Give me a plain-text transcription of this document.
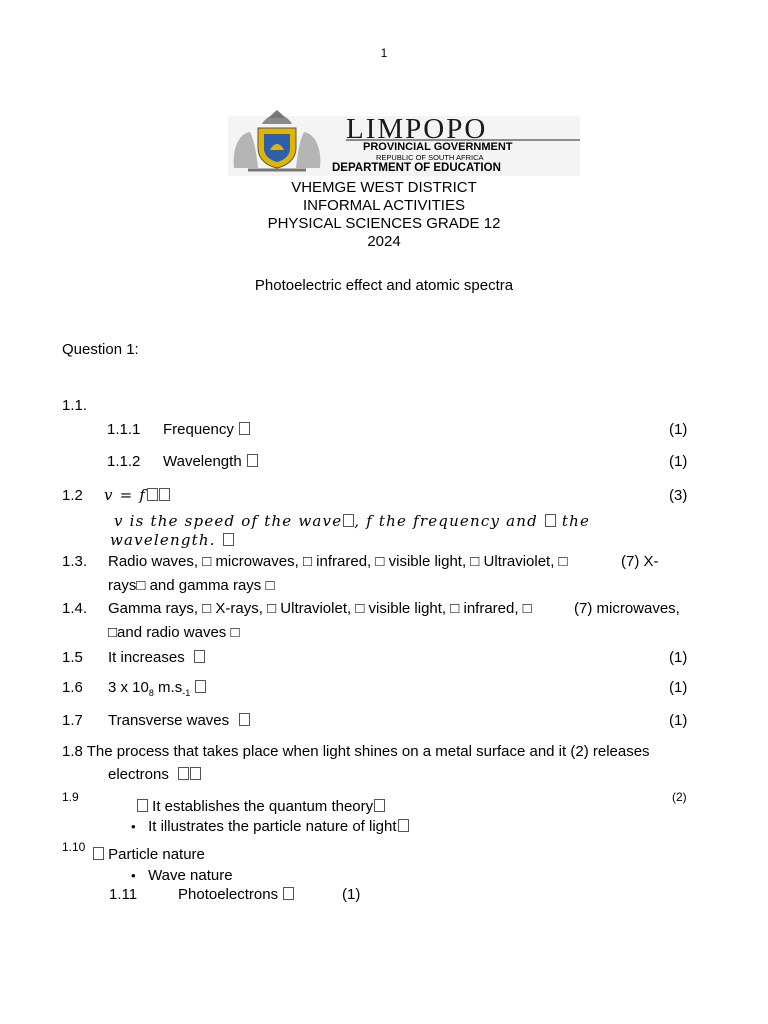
1
LIMPOPO
PROVINCIAL GOVERNMENT
REPUBLIC OF SOUTH AFRICA
DEPARTMENT OF EDUCATION
VHEMGE WEST DISTRICT
INFORMAL ACTIVITIES
PHYSICAL SCIENCES GRADE 12
2024
Photoelectric effect and atomic spectra
Question 1:
1.1.
1.1.1 Frequency	(1)
1.1.2 Wavelength	(1)
1.2 v = f	(3)
v is the speed of the wave , f the frequency and the
wavelength.
1.3. Radio waves, □ microwaves, □ infrared, □ visible light, □ Ultraviolet, □	(7) X-
rays□ and gamma rays □
1.4. Gamma rays, □ X-rays, □ Ultraviolet, □ visible light, □ infrared, □	(7) microwaves,
□and radio waves □
1.5 It increases	(1)
1.6 3 x $10_8$ $m.s_{-1}$	(1)
1.7 Transverse waves	(1)
1.8 The process that takes place when light shines on a metal surface and it (2) releases
electrons
1.9	(2)
It establishes the quantum theory
• It illustrates the particle nature of light
1.10	Particle nature
• Wave nature
1.11	Photoelectrons	(1)
